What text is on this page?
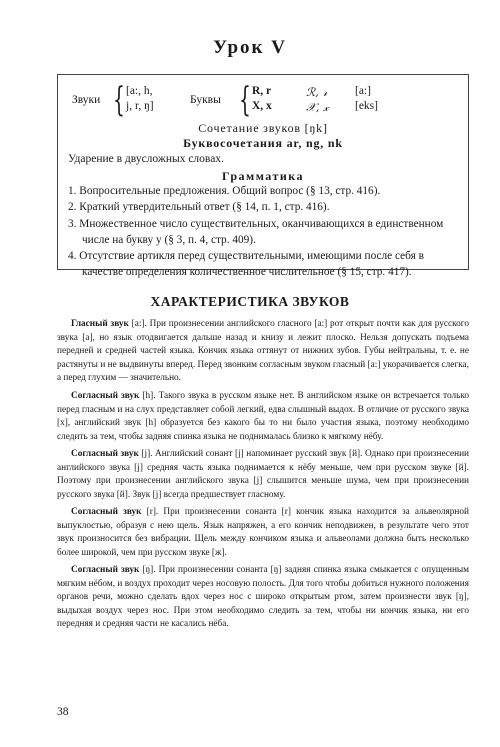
Урок V
Звуки { [a:, h,
j, r, ŋ]	Буквы { R, r
X, x
ℛ, 𝓇
𝒳, 𝓍
[a:]
[eks]
Сочетание звуков [ŋk]
Буквосочетания ar, ng, nk
Ударение в двусложных словах.
Грамматика
1. Вопросительные предложения. Общий вопрос (§ 13, стр. 416).
2. Краткий утвердительный ответ (§ 14, п. 1, стр. 416).
3. Множественное число существительных, оканчивающихся в единственном числе на букву y (§ 3, п. 4, стр. 409).
4. Отсутствие артикля перед существительными, имеющими после себя в качестве определения количественное числительное (§ 15, стр. 417).
ХАРАКТЕРИСТИКА ЗВУКОВ

Гласный звук [a:]. При произнесении английского гласного [a:] рот открыт почти как для русского звука [а], но язык отодвигается дальше назад и книзу и лежит плоско. Нельзя допускать подъема передней и средней частей языка. Кончик языка оттянут от нижних зубов. Губы нейтральны, т. е. не растянуты и не выдвинуты вперед. Перед звонким согласным звуком гласный [a:] укорачивается слегка, а перед глухим — значительно.

Согласный звук [h]. Такого звука в русском языке нет. В английском языке он встречается только перед гласным и на слух представляет собой легкий, едва слышный выдох. В отличие от русского звука [х], английский звук [h] образуется без какого бы то ни было участия языка, поэтому необходимо следить за тем, чтобы задняя спинка языка не поднималась близко к мягкому нёбу.

Согласный звук [j]. Английский сонант [j] напоминает русский звук [й]. Однако при произнесении английского звука [j] средняя часть языка поднимается к нёбу меньше, чем при русском звуке [й]. Поэтому при произнесении английского звука [j] слышится меньше шума, чем при произнесении русского звука [й]. Звук [j] всегда предшествует гласному.

Согласный звук [r]. При произнесении сонанта [r] кончик языка находится за альвеолярной выпуклостью, образуя с нею щель. Язык напряжен, а его кончик неподвижен, в результате чего этот звук произносится без вибрации. Щель между кончиком языка и альвеолами должна быть несколько более широкой, чем при русском звуке [ж].

38

Согласный звук [ŋ]. При произнесении сонанта [ŋ] задняя спинка языка смыкается с опущенным мягким нёбом, и воздух проходит через носовую полость. Для того чтобы добиться нужного положения органов речи, можно сделать вдох через нос с широко открытым ртом, затем произнести звук [ŋ], выдыхая воздух через нос. При этом необходимо следить за тем, чтобы ни кончик языка, ни его передняя и средняя части не касались нёба.
